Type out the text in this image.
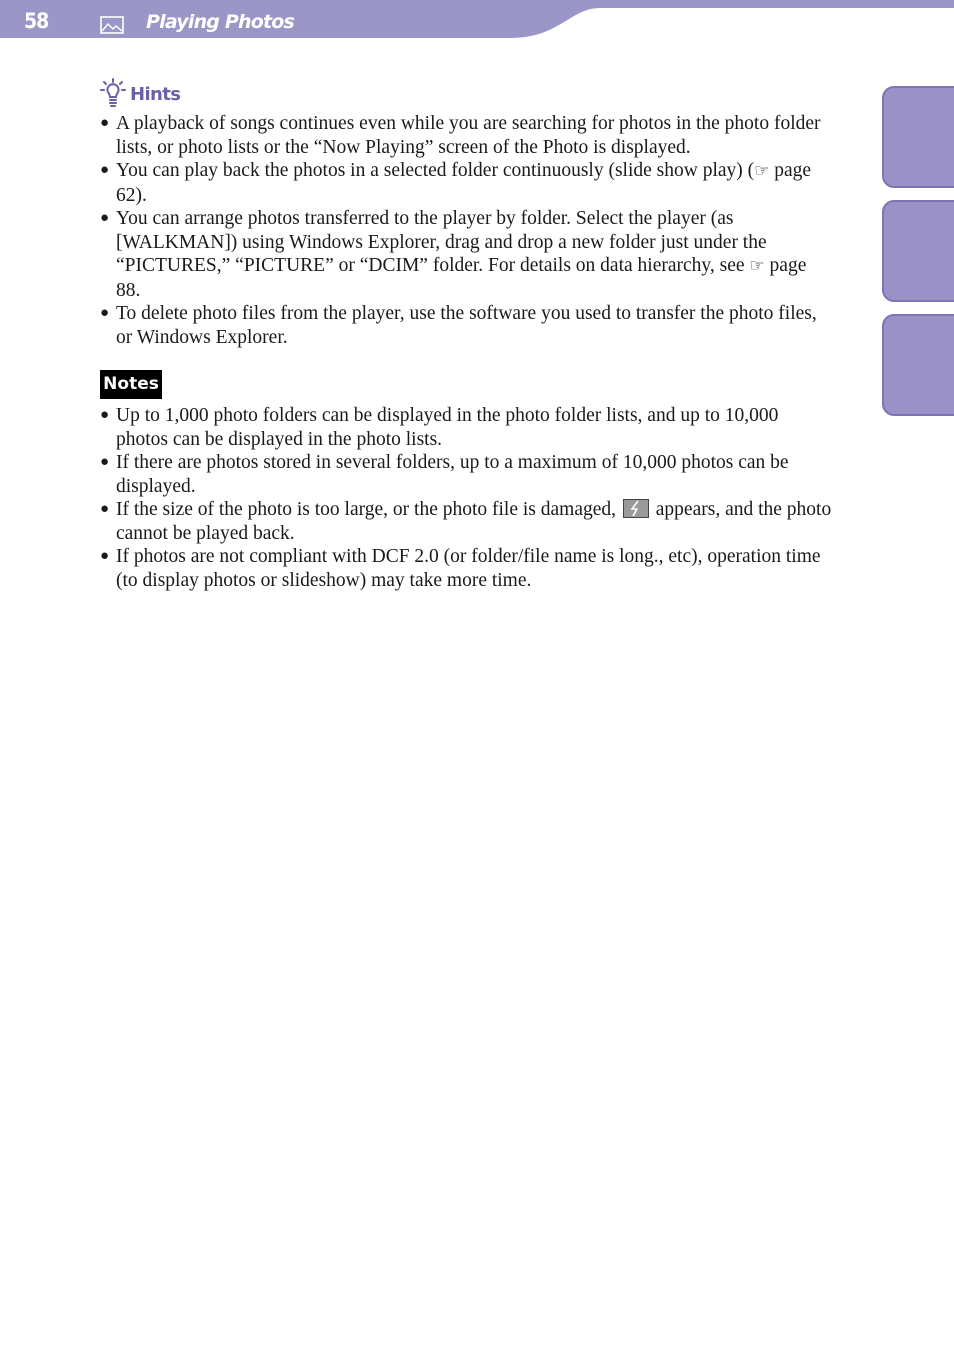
58	Playing Photos
Hints
● A playback of songs continues even while you are searching for photos in the photo folder lists, or photo lists or the “Now Playing” screen of the Photo is displayed.
● You can play back the photos in a selected folder continuously (slide show play) (☞ page 62).
● You can arrange photos transferred to the player by folder. Select the player (as [WALKMAN]) using Windows Explorer, drag and drop a new folder just under the “PICTURES,” “PICTURE” or “DCIM” folder. For details on data hierarchy, see ☞ page 88.
● To delete photo files from the player, use the software you used to transfer the photo files, or Windows Explorer.
Notes
● Up to 1,000 photo folders can be displayed in the photo folder lists, and up to 10,000 photos can be displayed in the photo lists.
● If there are photos stored in several folders, up to a maximum of 10,000 photos can be displayed.
● If the size of the photo is too large, or the photo file is damaged,  appears, and the photo cannot be played back.
● If photos are not compliant with DCF 2.0 (or folder/file name is long., etc), operation time (to display photos or slideshow) may take more time.
Index
